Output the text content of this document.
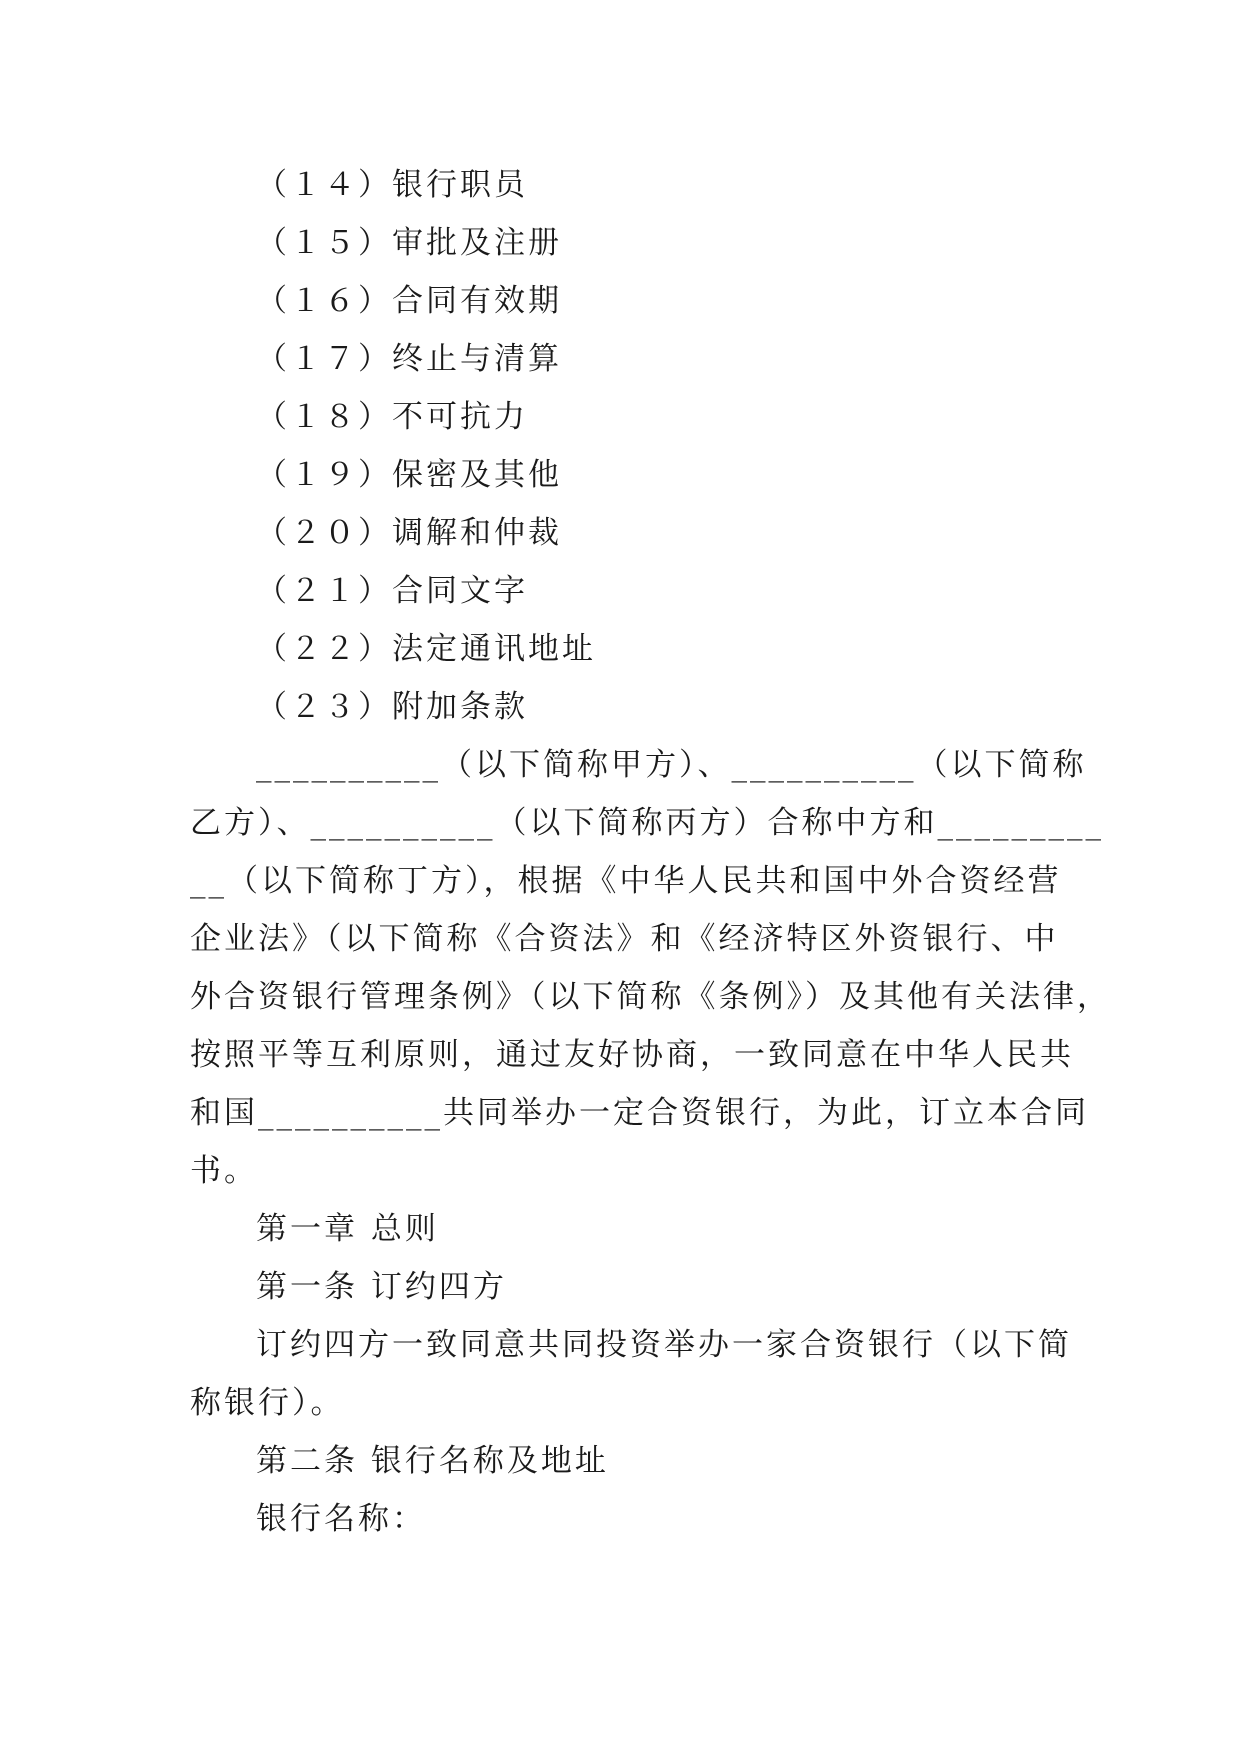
（１４）银行职员
（１５）审批及注册
（１６）合同有效期
（１７）终止与清算
（１８）不可抗力
（１９）保密及其他
（２０）调解和仲裁
（２１）合同文字
（２２）法定通讯地址
（２３）附加条款
__________（以下简称甲方）、__________（以下简称
乙方）、__________（以下简称丙方）合称中方和_________
__（以下简称丁方），根据《中华人民共和国中外合资经营
企业法》（以下简称《合资法》和《经济特区外资银行、中
外合资银行管理条例》（以下简称《条例》）及其他有关法律，
按照平等互利原则，通过友好协商，一致同意在中华人民共
和国__________共同举办一定合资银行，为此，订立本合同
书。
第一章 总则
第一条 订约四方
订约四方一致同意共同投资举办一家合资银行（以下简
称银行）。
第二条 银行名称及地址
银行名称：
